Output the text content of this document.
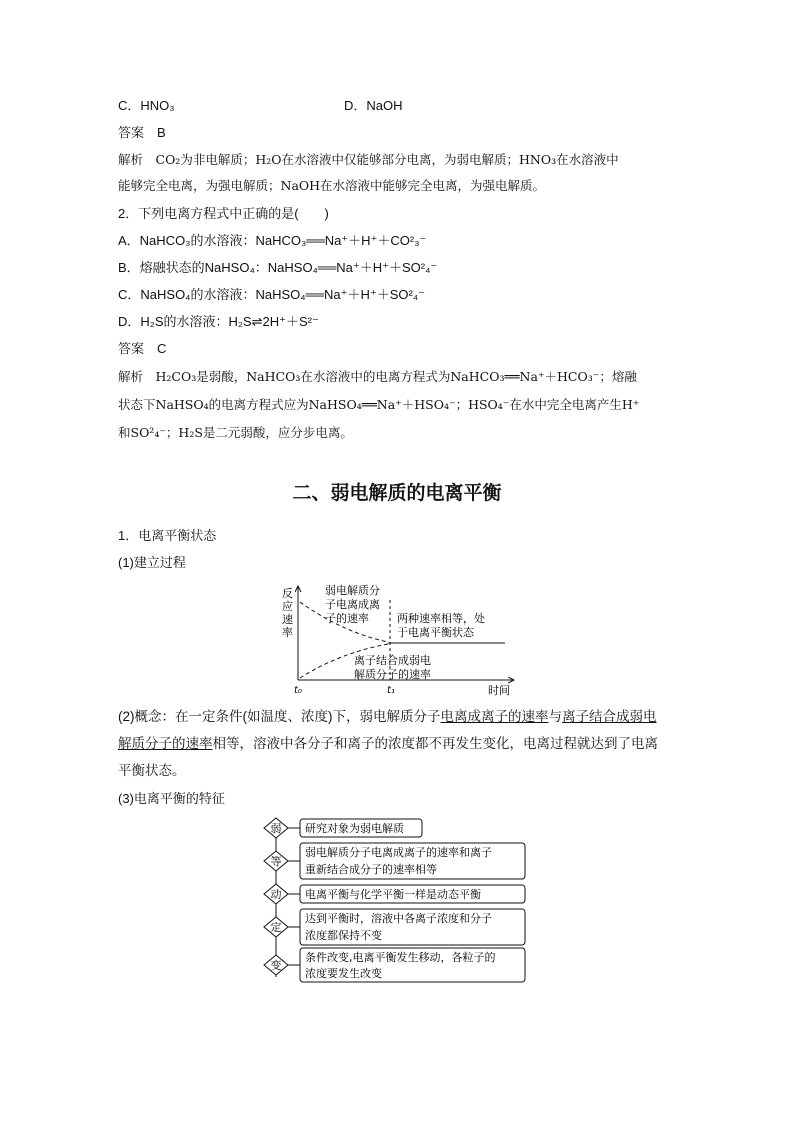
C．HNO₃	D．NaOH
答案　B
解析　CO₂为非电解质；H₂O在水溶液中仅能够部分电离，为弱电解质；HNO₃在水溶液中
能够完全电离，为强电解质；NaOH在水溶液中能够完全电离，为强电解质。
2．下列电离方程式中正确的是(　　)
A．NaHCO₃的水溶液：NaHCO₃══Na⁺＋H⁺＋CO²₃⁻
B．熔融状态的NaHSO₄：NaHSO₄══Na⁺＋H⁺＋SO²₄⁻
C．NaHSO₄的水溶液：NaHSO₄══Na⁺＋H⁺＋SO²₄⁻
D．H₂S的水溶液：H₂S⇌2H⁺＋S²⁻
答案　C
解析　H₂CO₃是弱酸，NaHCO₃在水溶液中的电离方程式为NaHCO₃══Na⁺＋HCO₃⁻；熔融
状态下NaHSO₄的电离方程式应为NaHSO₄══Na⁺＋HSO₄⁻；HSO₄⁻在水中完全电离产生H⁺
和SO²₄⁻；H₂S是二元弱酸，应分步电离。
二、弱电解质的电离平衡
1．电离平衡状态
(1)建立过程
反
应
速
率
时间
t₀	t₁
弱电解质分
子电离成离
子的速率	两种速率相等，处
于电离平衡状态
离子结合成弱电
解质分子的速率
(2)概念：在一定条件(如温度、浓度)下，弱电解质分子电离成离子的速率与离子结合成弱电
解质分子的速率相等，溶液中各分子和离子的浓度都不再发生变化，电离过程就达到了电离
平衡状态。
(3)电离平衡的特征
弱 研究对象为弱电解质
等
弱电解质分子电离成离子的速率和离子
重新结合成分子的速率相等
动 电离平衡与化学平衡一样是动态平衡
定
达到平衡时，溶液中各离子浓度和分子
浓度都保持不变
变
条件改变,电离平衡发生移动，各粒子的
浓度要发生改变
